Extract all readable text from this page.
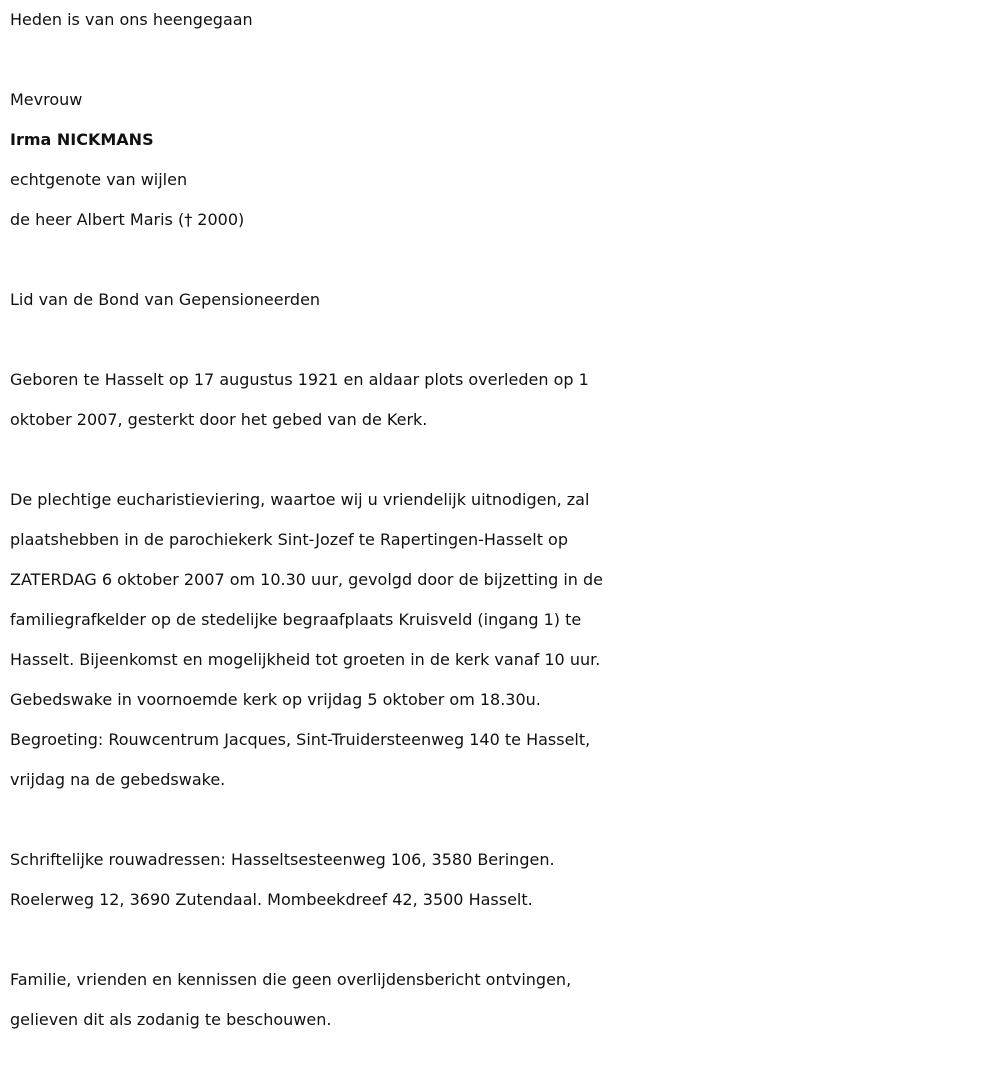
Heden is van ons heengegaan
Mevrouw
Irma NICKMANS
echtgenote van wijlen
de heer Albert Maris († 2000)
Lid van de Bond van Gepensioneerden
Geboren te Hasselt op 17 augustus 1921 en aldaar plots overleden op 1
oktober 2007, gesterkt door het gebed van de Kerk.
De plechtige eucharistieviering, waartoe wij u vriendelijk uitnodigen, zal
plaatshebben in de parochiekerk Sint-Jozef te Rapertingen-Hasselt op
ZATERDAG 6 oktober 2007 om 10.30 uur, gevolgd door de bijzetting in de
familiegrafkelder op de stedelijke begraafplaats Kruisveld (ingang 1) te
Hasselt. Bijeenkomst en mogelijkheid tot groeten in de kerk vanaf 10 uur.
Gebedswake in voornoemde kerk op vrijdag 5 oktober om 18.30u.
Begroeting: Rouwcentrum Jacques, Sint-Truidersteenweg 140 te Hasselt,
vrijdag na de gebedswake.
Schriftelijke rouwadressen: Hasseltsesteenweg 106, 3580 Beringen.
Roelerweg 12, 3690 Zutendaal. Mombeekdreef 42, 3500 Hasselt.
Familie, vrienden en kennissen die geen overlijdensbericht ontvingen,
gelieven dit als zodanig te beschouwen.
